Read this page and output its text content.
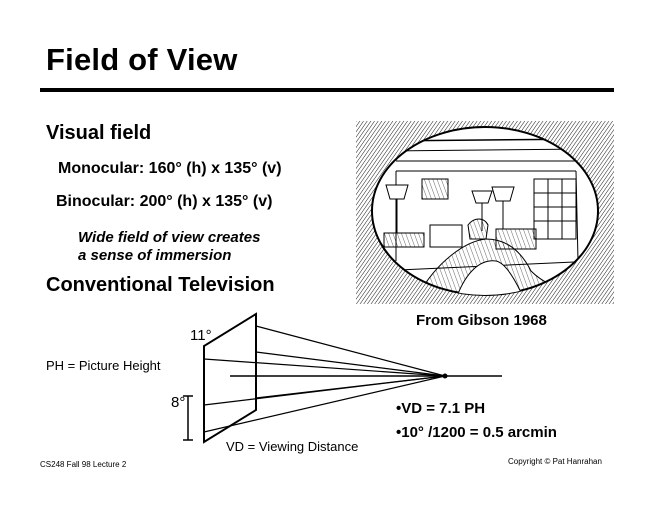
Field of View
Visual field
Monocular: 160° (h) x 135° (v)
Binocular: 200° (h) x 135° (v)
Wide field of view creates
a sense of immersion
Conventional Television
From Gibson 1968
11°
PH = Picture Height
8°
VD = Viewing Distance
•VD = 7.1 PH
•10° /1200 = 0.5 arcmin
CS248 Fall 98 Lecture 2	Copyright © Pat Hanrahan
